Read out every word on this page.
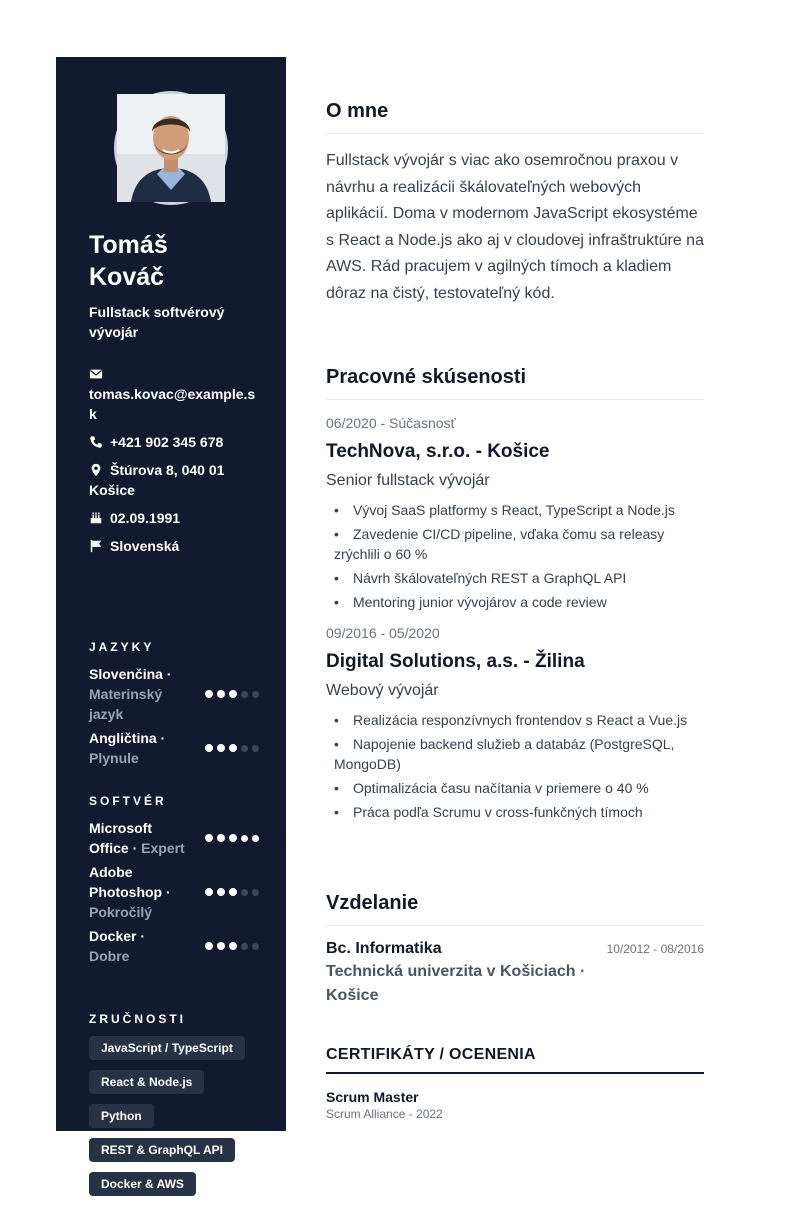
Tomáš Kováč
Fullstack softvérový vývojár
tomas.kovac@example.sk
+421 902 345 678
Štúrova 8, 040 01 Košice
02.09.1991
Slovenská
JAZYKY
Slovenčina · Materinský jazyk
Angličtina · Plynule
SOFTVÉR
Microsoft Office · Expert
Adobe Photoshop · Pokročilý
Docker · Dobre
ZRUČNOSTI
JavaScript / TypeScript
React & Node.js
Python
REST & GraphQL API
Docker & AWS
O mne
Fullstack vývojár s viac ako osemročnou praxou v návrhu a realizácii škálovateľných webových aplikácií. Doma v modernom JavaScript ekosystéme s React a Node.js ako aj v cloudovej infraštruktúre na AWS. Rád pracujem v agilných tímoch a kladiem dôraz na čistý, testovateľný kód.
Pracovné skúsenosti
06/2020 - Súčasnosť
TechNova, s.r.o. - Košice
Senior fullstack vývojár
• Vývoj SaaS platformy s React, TypeScript a Node.js
• Zavedenie CI/CD pipeline, vďaka čomu sa releasy zrýchlili o 60 %
• Návrh škálovateľných REST a GraphQL API
• Mentoring junior vývojárov a code review
09/2016 - 05/2020
Digital Solutions, a.s. - Žilina
Webový vývojár
• Realizácia responzívnych frontendov s React a Vue.js
• Napojenie backend služieb a databáz (PostgreSQL, MongoDB)
• Optimalizácia času načítania v priemere o 40 %
• Práca podľa Scrumu v cross-funkčných tímoch
Vzdelanie
Bc. Informatika	10/2012 - 08/2016
Technická univerzita v Košiciach · Košice
CERTIFIKÁTY / OCENENIA
Scrum Master
Scrum Alliance - 2022
